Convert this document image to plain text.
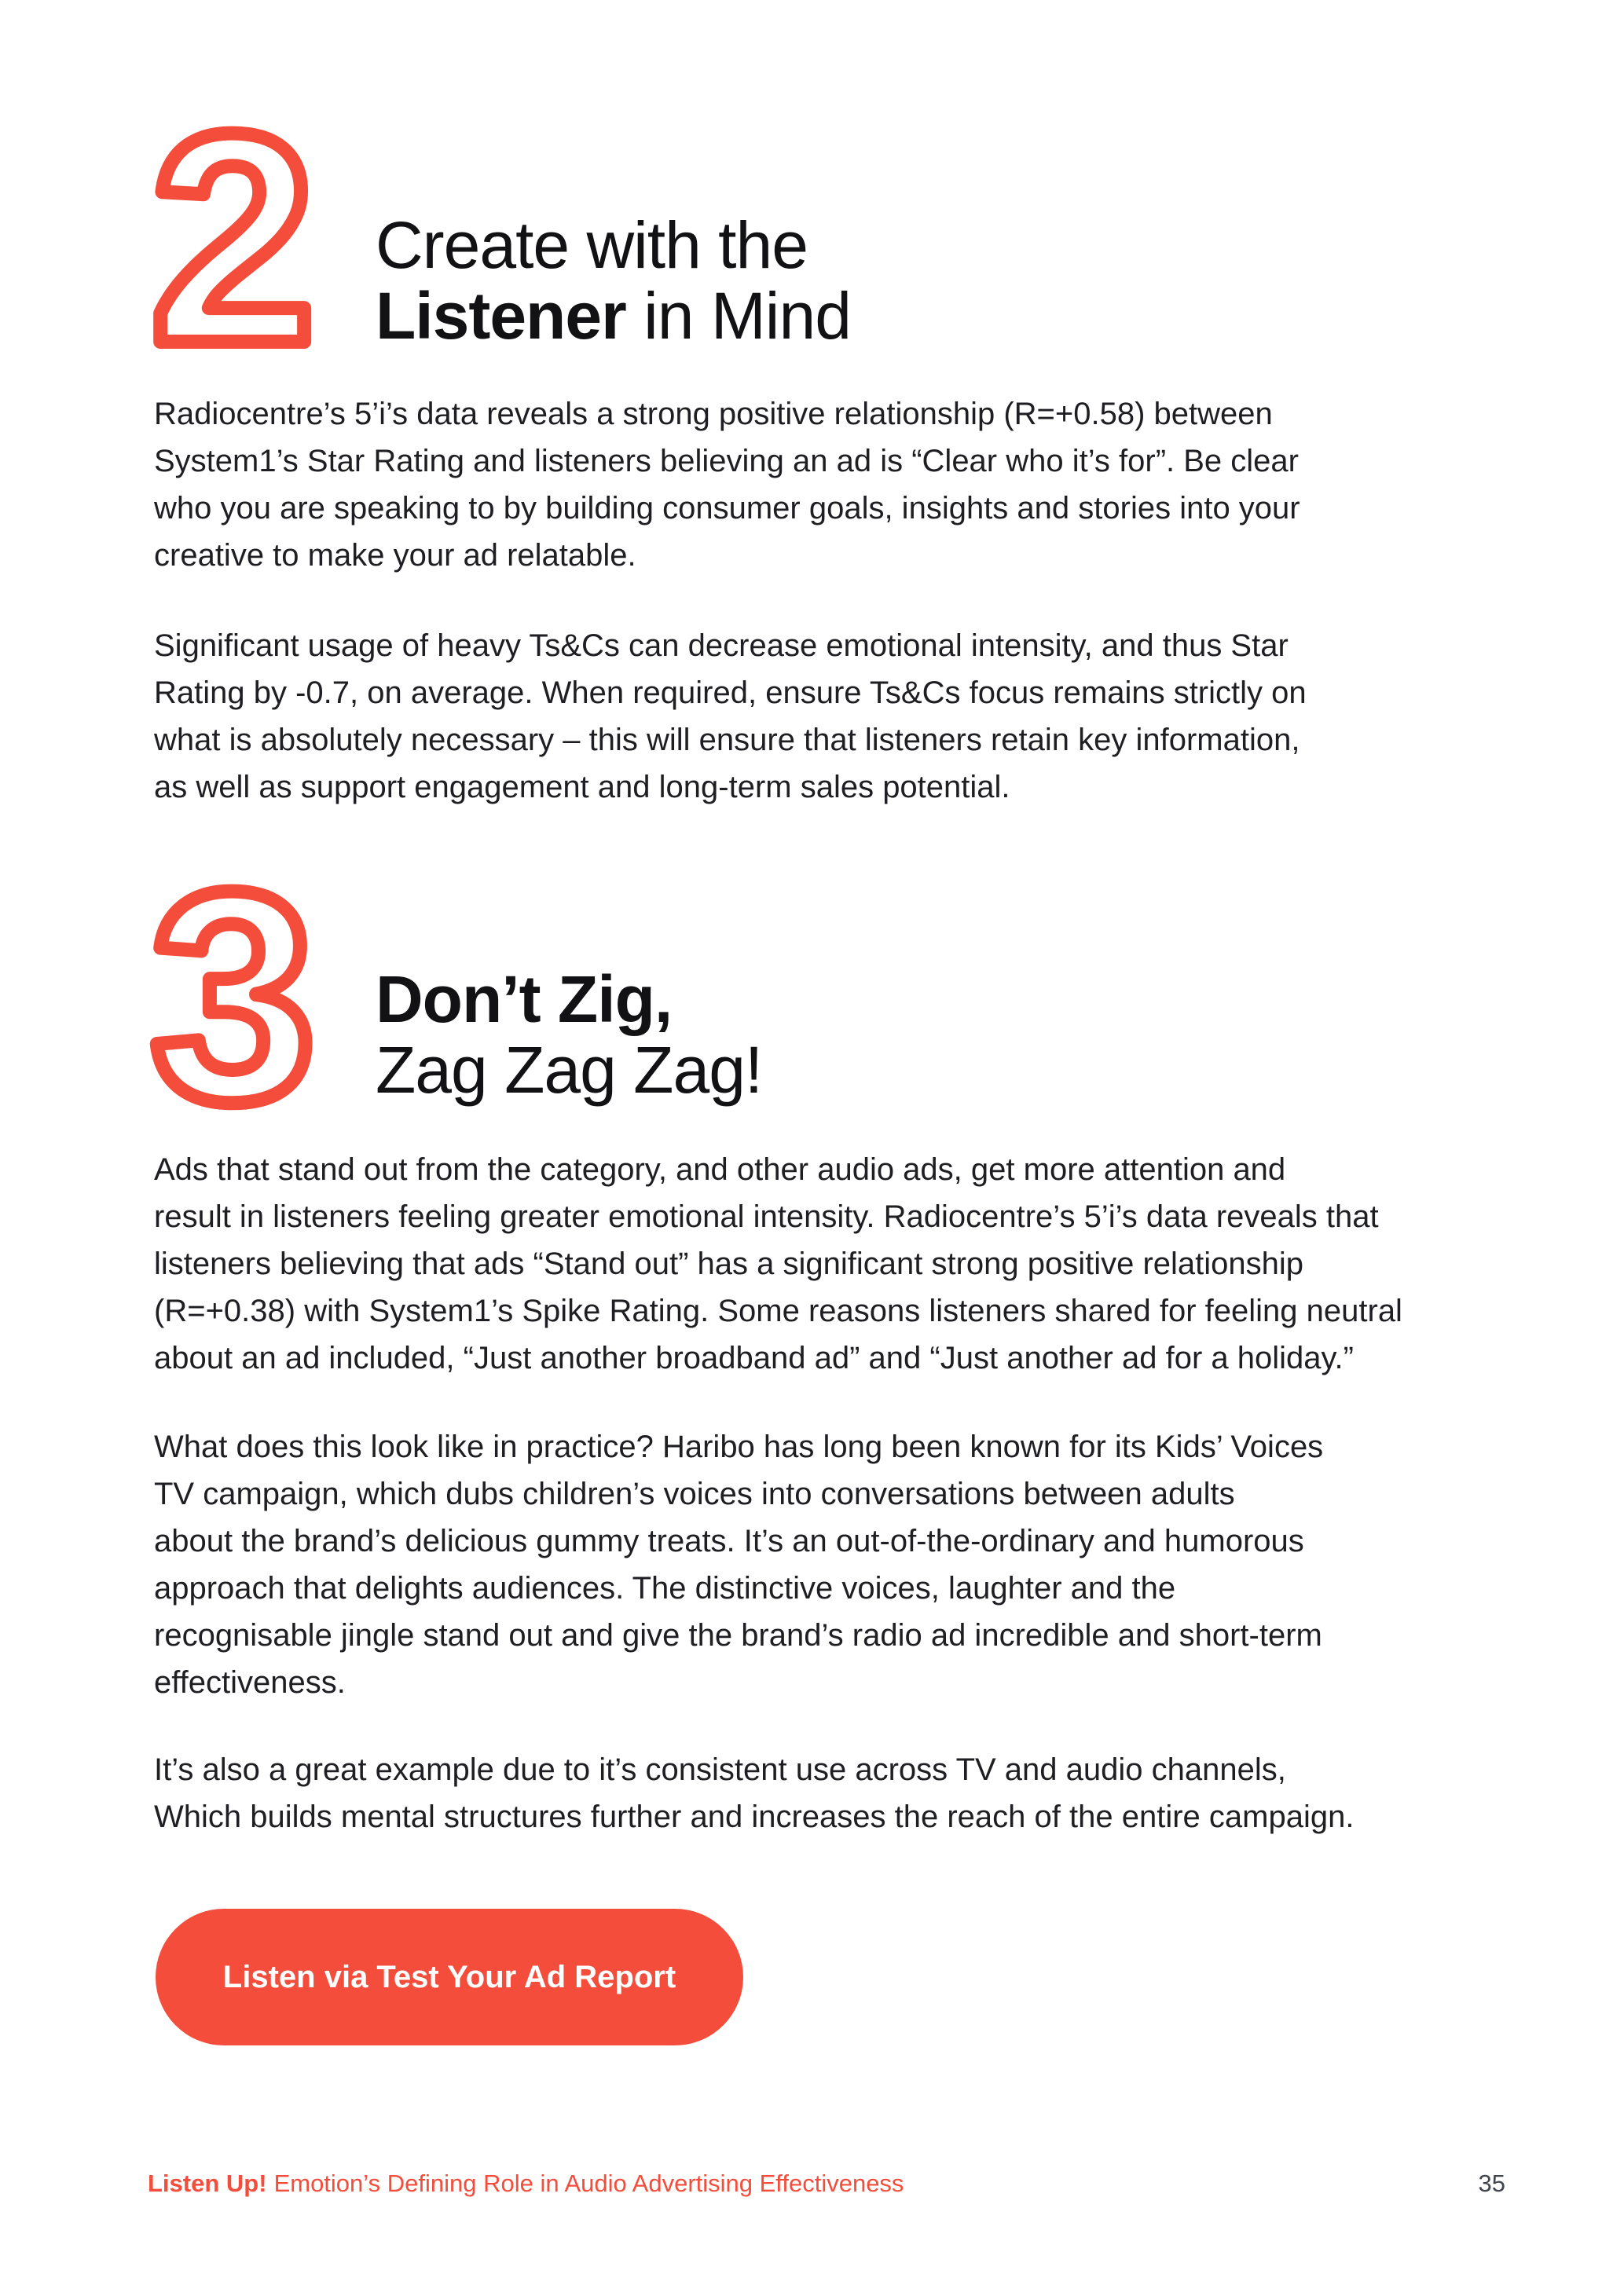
2 Create with the
Listener in Mind
Radiocentre’s 5’i’s data reveals a strong positive relationship (R=+0.58) between
System1’s Star Rating and listeners believing an ad is “Clear who it’s for”. Be clear
who you are speaking to by building consumer goals, insights and stories into your
creative to make your ad relatable.
Significant usage of heavy Ts&Cs can decrease emotional intensity, and thus Star
Rating by -0.7, on average. When required, ensure Ts&Cs focus remains strictly on
what is absolutely necessary – this will ensure that listeners retain key information,
as well as support engagement and long-term sales potential.
3 Don’t Zig,
Zag Zag Zag!
Ads that stand out from the category, and other audio ads, get more attention and
result in listeners feeling greater emotional intensity. Radiocentre’s 5’i’s data reveals that
listeners believing that ads “Stand out” has a significant strong positive relationship
(R=+0.38) with System1’s Spike Rating. Some reasons listeners shared for feeling neutral
about an ad included, “Just another broadband ad” and “Just another ad for a holiday.”
What does this look like in practice? Haribo has long been known for its Kids’ Voices
TV campaign, which dubs children’s voices into conversations between adults
about the brand’s delicious gummy treats. It’s an out-of-the-ordinary and humorous
approach that delights audiences. The distinctive voices, laughter and the
recognisable jingle stand out and give the brand’s radio ad incredible and short-term
effectiveness.
It’s also a great example due to it’s consistent use across TV and audio channels,
Which builds mental structures further and increases the reach of the entire campaign.
Listen via Test Your Ad Report
Listen Up! Emotion’s Defining Role in Audio Advertising Effectiveness	35
